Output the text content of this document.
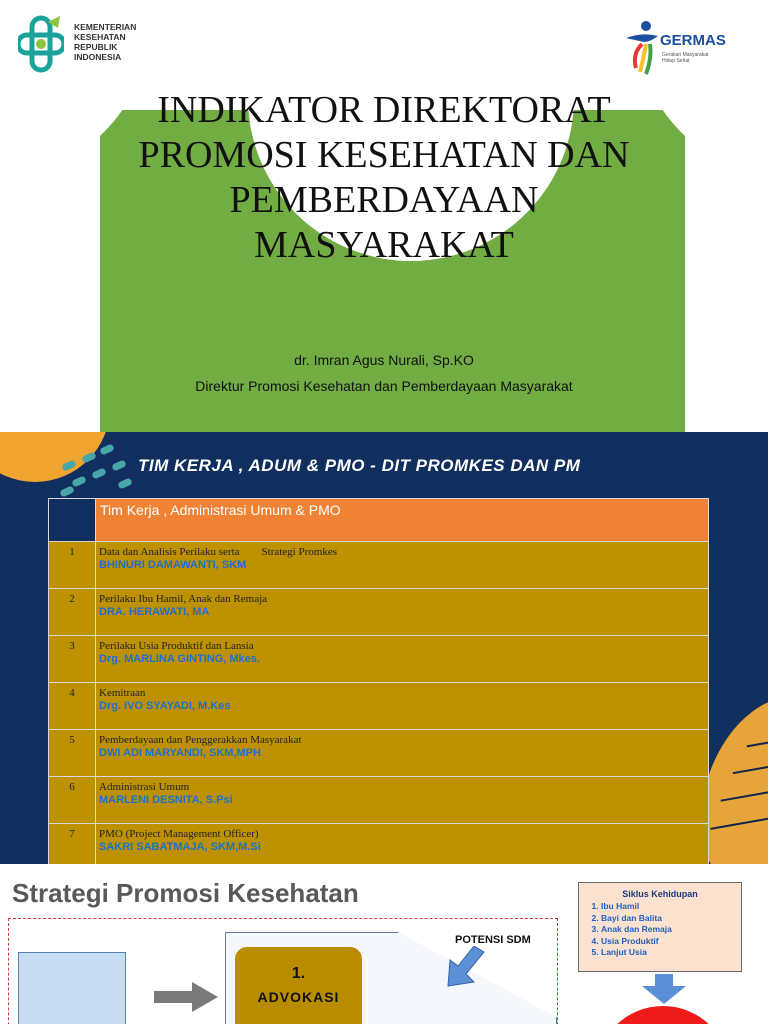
KEMENTERIAN
KESEHATAN
REPUBLIK
INDONESIA
GERMAS
Gerakan Masyarakat
Hidup Sehat
INDIKATOR DIREKTORAT
PROMOSI KESEHATAN DAN
PEMBERDAYAAN
MASYARAKAT
dr. Imran Agus Nurali, Sp.KO
Direktur Promosi Kesehatan dan Pemberdayaan Masyarakat
TIM KERJA , ADUM & PMO - DIT PROMKES DAN PM
	Tim Kerja , Administrasi Umum & PMO
1	Data dan Analisis Perilaku serta        Strategi Promkes
BHINURI DAMAWANTI, SKM

2	Perilaku Ibu Hamil, Anak dan Remaja
DRA. HERAWATI, MA

3	Perilaku Usia Produktif dan Lansia
Drg. MARLINA GINTING, Mkes.

4	Kemitraan
Drg. IVO SYAYADI, M.Kes

5	Pemberdayaan dan Penggerakkan Masyarakat
DWI ADI MARYANDI, SKM,MPH

6	Administrasi Umum
MARLENI DESNITA, S.Psi

7	PMO (Project Management Officer)
SAKRI SABATMAJA, SKM,M.Si
Strategi Promosi Kesehatan
1.
ADVOKASI
POTENSI SDM
Siklus Kehidupan
1. Ibu Hamil
2. Bayi dan Balita
3. Anak dan Remaja
4. Usia Produktif
5. Lanjut Usia
